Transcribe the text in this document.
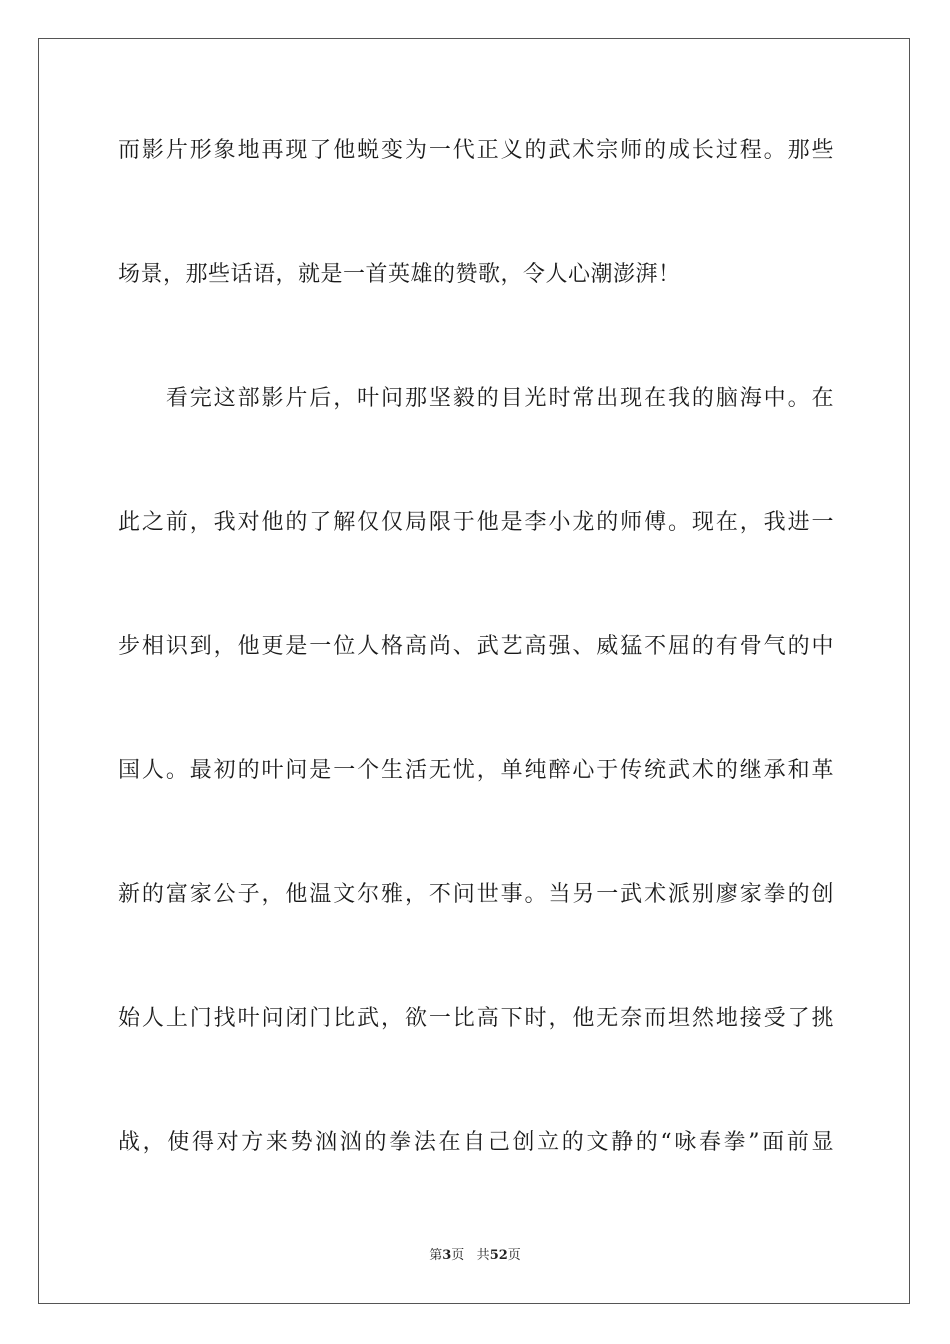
而影片形象地再现了他蜕变为一代正义的武术宗师的成长过程。那些
场景，那些话语，就是一首英雄的赞歌，令人心潮澎湃！
　　看完这部影片后，叶问那坚毅的目光时常出现在我的脑海中。在
此之前，我对他的了解仅仅局限于他是李小龙的师傅。现在，我进一
步相识到，他更是一位人格高尚、武艺高强、威猛不屈的有骨气的中
国人。最初的叶问是一个生活无忧，单纯醉心于传统武术的继承和革
新的富家公子，他温文尔雅，不问世事。当另一武术派别廖家拳的创
始人上门找叶问闭门比武，欲一比高下时，他无奈而坦然地接受了挑
战，使得对方来势汹汹的拳法在自己创立的文静的“咏春拳”面前显
第3页 共52页
